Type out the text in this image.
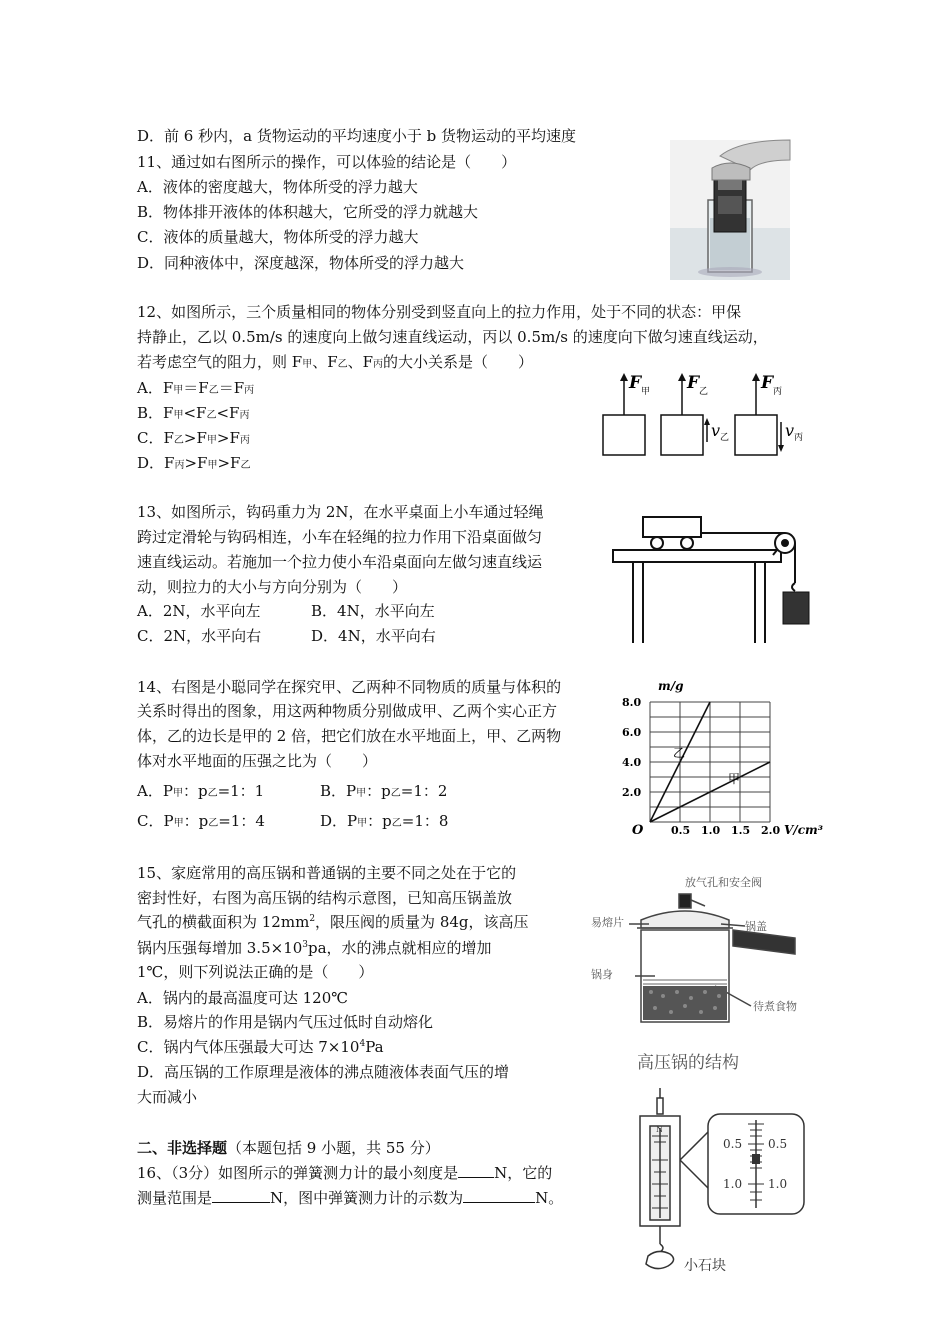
D．前 6 秒内，a 货物运动的平均速度小于 b 货物运动的平均速度
11、通过如右图所示的操作，可以体验的结论是（　　）
A．液体的密度越大，物体所受的浮力越大
B．物体排开液体的体积越大，它所受的浮力就越大
C．液体的质量越大，物体所受的浮力越大
D．同种液体中，深度越深，物体所受的浮力越大
12、如图所示，三个质量相同的物体分别受到竖直向上的拉力作用，处于不同的状态：甲保
持静止，乙以 0.5m/s 的速度向上做匀速直线运动，丙以 0.5m/s 的速度向下做匀速直线运动，
若考虑空气的阻力，则 F甲、F乙、F丙的大小关系是（　　）
A．F甲＝F乙＝F丙
B．F甲<F乙<F丙
C．F乙>F甲>F丙
D．F丙>F甲>F乙
F 甲 F 乙	F 丙
v 乙	v 丙
13、如图所示，钩码重力为 2N，在水平桌面上小车通过轻绳
跨过定滑轮与钩码相连，小车在轻绳的拉力作用下沿桌面做匀
速直线运动。若施加一个拉力使小车沿桌面向左做匀速直线运
动，则拉力的大小与方向分别为（　　）
A．2N，水平向左	B．4N，水平向左
C．2N，水平向右	D．4N，水平向右
14、右图是小聪同学在探究甲、乙两种不同物质的质量与体积的
关系时得出的图象，用这两种物质分别做成甲、乙两个实心正方
体，乙的边长是甲的 2 倍，把它们放在水平地面上，甲、乙两物
体对水平地面的压强之比为（　　）
A．P甲：p乙=1：1	B．P甲：p乙=1：2
C．P甲：p乙=1：4	D．P甲：p乙=1：8
乙
甲
0.5 1.0 1.5 2.0
2.0
4.0
6.0
8.0
m/g
V/cm³
O
15、家庭常用的高压锅和普通锅的主要不同之处在于它的
密封性好，右图为高压锅的结构示意图，已知高压锅盖放
气孔的横截面积为 $12mm^2$，限压阀的质量为 84g，该高压
锅内压强每增加 $3.5\times 10^3pa$，水的沸点就相应的增加
1℃，则下列说法正确的是（　　）
A．锅内的最高温度可达 120℃
B．易熔片的作用是锅内气压过低时自动熔化
C．锅内气体压强最大可达 $7\times 10^4Pa$
D．高压锅的工作原理是液体的沸点随液体表面气压的增
大而减小
放气孔和安全阀
易熔片	锅盖
锅身
待煮食物
高压锅的结构
二、非选择题（本题包括 9 小题，共 55 分）
16、（3分）如图所示的弹簧测力计的最小刻度是 N，它的
测量范围是	N，图中弹簧测力计的示数为	N。
N
0.5 0.5
1.0 1.0
小石块
